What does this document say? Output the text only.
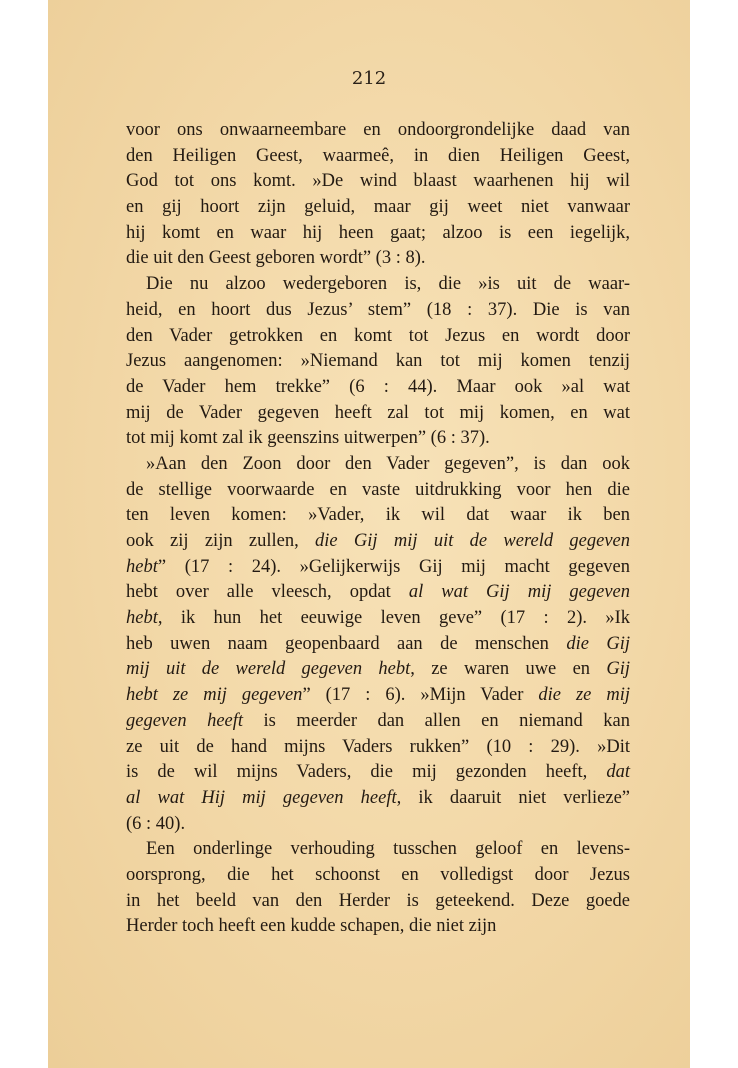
212
voor ons onwaarneembare en ondoorgrondelijke daad van
den Heiligen Geest, waarmeê, in dien Heiligen Geest,
God tot ons komt. »De wind blaast waarhenen hij wil
en gij hoort zijn geluid, maar gij weet niet vanwaar
hij komt en waar hij heen gaat; alzoo is een iegelijk,
die uit den Geest geboren wordt” (3 : 8).
Die nu alzoo wedergeboren is, die »is uit de waar-
heid, en hoort dus Jezus’ stem” (18 : 37). Die is van
den Vader getrokken en komt tot Jezus en wordt door
Jezus aangenomen: »Niemand kan tot mij komen tenzij
de Vader hem trekke” (6 : 44). Maar ook »al wat
mij de Vader gegeven heeft zal tot mij komen, en wat
tot mij komt zal ik geenszins uitwerpen” (6 : 37).
»Aan den Zoon door den Vader gegeven”, is dan ook
de stellige voorwaarde en vaste uitdrukking voor hen die
ten leven komen: »Vader, ik wil dat waar ik ben
ook zij zijn zullen, die Gij mij uit de wereld gegeven
hebt” (17 : 24). »Gelijkerwijs Gij mij macht gegeven
hebt over alle vleesch, opdat al wat Gij mij gegeven
hebt, ik hun het eeuwige leven geve” (17 : 2). »Ik
heb uwen naam geopenbaard aan de menschen die Gij
mij uit de wereld gegeven hebt, ze waren uwe en Gij
hebt ze mij gegeven” (17 : 6). »Mijn Vader die ze mij
gegeven heeft is meerder dan allen en niemand kan
ze uit de hand mijns Vaders rukken” (10 : 29). »Dit
is de wil mijns Vaders, die mij gezonden heeft, dat
al wat Hij mij gegeven heeft, ik daaruit niet verlieze”
(6 : 40).
Een onderlinge verhouding tusschen geloof en levens-
oorsprong, die het schoonst en volledigst door Jezus
in het beeld van den Herder is geteekend. Deze goede
Herder toch heeft een kudde schapen, die niet zijn
